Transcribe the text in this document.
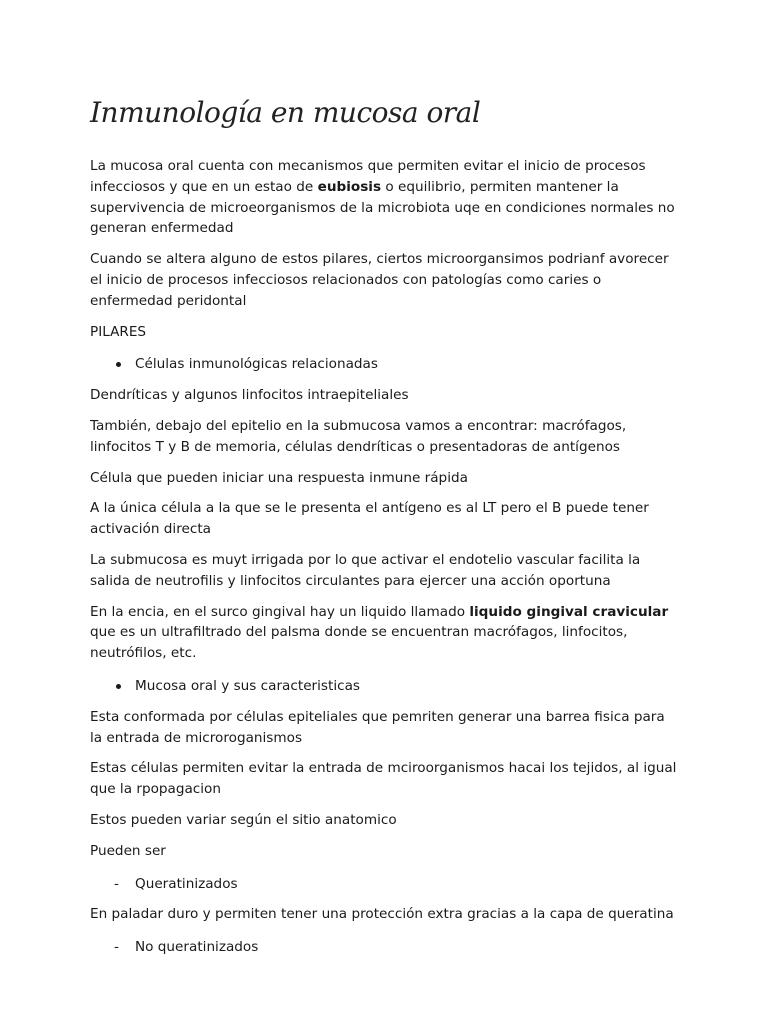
Inmunología en mucosa oral

La mucosa oral cuenta con mecanismos que permiten evitar el inicio de procesos infecciosos y que en un estao de eubiosis o equilibrio, permiten mantener la supervivencia de microeorganismos de la microbiota uqe en condiciones normales no generan enfermedad

Cuando se altera alguno de estos pilares, ciertos microorgansimos podrianf avorecer el inicio de procesos infecciosos relacionados con patologías como caries o enfermedad peridontal

PILARES

Células inmunológicas relacionadas

Dendríticas y algunos linfocitos intraepiteliales

También, debajo del epitelio en la submucosa vamos a encontrar: macrófagos, linfocitos T y B de memoria, células dendríticas o presentadoras de antígenos

Célula que pueden iniciar una respuesta inmune rápida

A la única célula a la que se le presenta el antígeno es al LT pero el B puede tener activación directa

La submucosa es muyt irrigada por lo que activar el endotelio vascular facilita la salida de neutrofilis y linfocitos circulantes para ejercer una acción oportuna

En la encia, en el surco gingival hay un liquido llamado liquido gingival cravicular que es un ultrafiltrado del palsma donde se encuentran macrófagos, linfocitos, neutrófilos, etc.

Mucosa oral y sus caracteristicas

Esta conformada por células epiteliales que pemriten generar una barrea fisica para la entrada de microroganismos

Estas células permiten evitar la entrada de mciroorganismos hacai los tejidos, al igual que la rpopagacion

Estos pueden variar según el sitio anatomico

Pueden ser

- Queratinizados

En paladar duro y permiten tener una protección extra gracias a la capa de queratina

- No queratinizados
